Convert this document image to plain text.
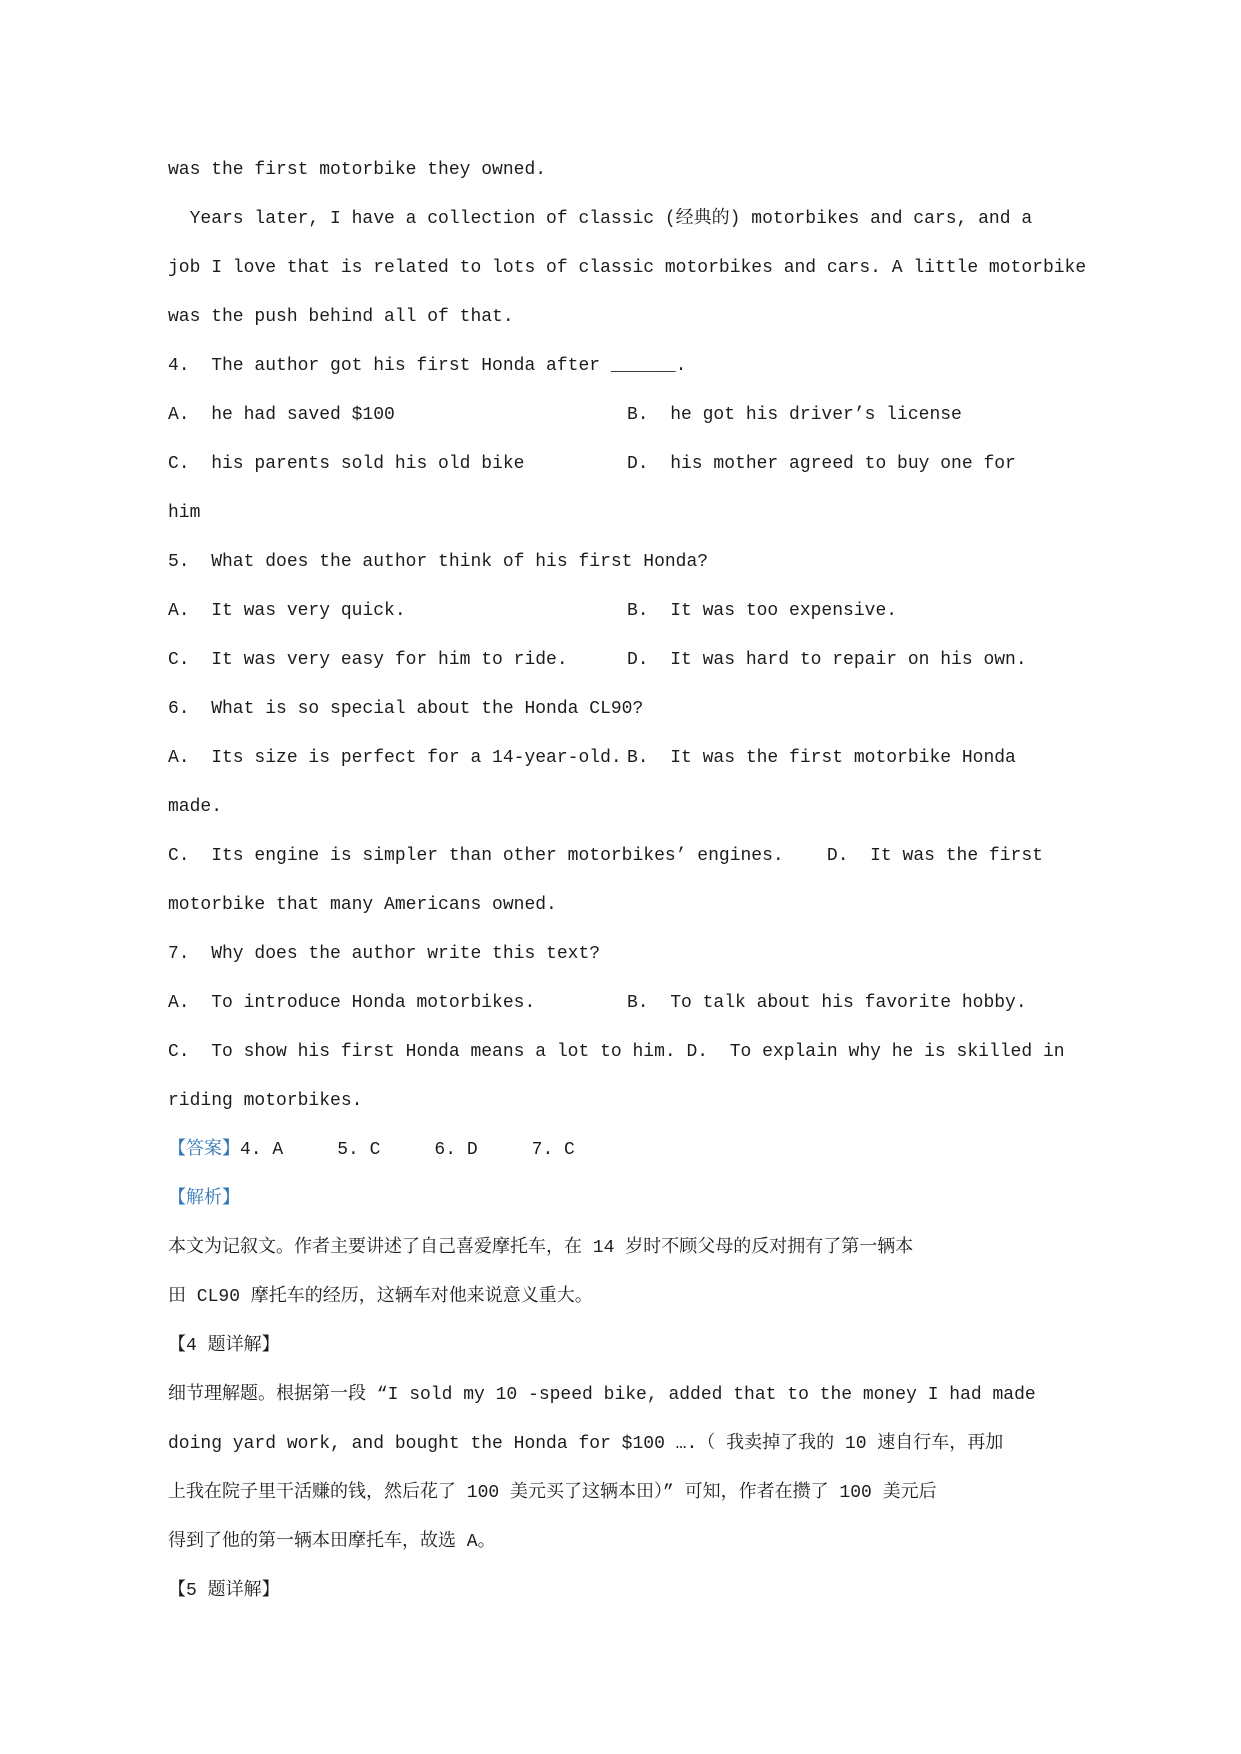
was the first motorbike they owned.
Years later, I have a collection of classic (经典的) motorbikes and cars, and a
job I love that is related to lots of classic motorbikes and cars. A little motorbike
was the push behind all of that.
4.  The author got his first Honda after ______.
A.  he had saved $100	B.  he got his driver’s license
C.  his parents sold his old bike	D.  his mother agreed to buy one for
him
5.  What does the author think of his first Honda?
A.  It was very quick.	B.  It was too expensive.
C.  It was very easy for him to ride.	D.  It was hard to repair on his own.
6.  What is so special about the Honda CL90?
A.  Its size is perfect for a 14-year-old. B.  It was the first motorbike Honda
made.
C.  Its engine is simpler than other motorbikes’ engines.    D.  It was the first
motorbike that many Americans owned.
7.  Why does the author write this text?
A.  To introduce Honda motorbikes.	B.  To talk about his favorite hobby.
C.  To show his first Honda means a lot to him. D.  To explain why he is skilled in
riding motorbikes.
【答案】4. A     5. C     6. D     7. C
【解析】
本文为记叙文。作者主要讲述了自己喜爱摩托车，在 14 岁时不顾父母的反对拥有了第一辆本
田 CL90 摩托车的经历，这辆车对他来说意义重大。
【4 题详解】
细节理解题。根据第一段 “I sold my 10 -speed bike, added that to the money I had made
doing yard work, and bought the Honda for $100 ….（ 我卖掉了我的 10 速自行车，再加
上我在院子里干活赚的钱，然后花了 100 美元买了这辆本田）” 可知，作者在攒了 100 美元后
得到了他的第一辆本田摩托车，故选 A。
【5 题详解】
